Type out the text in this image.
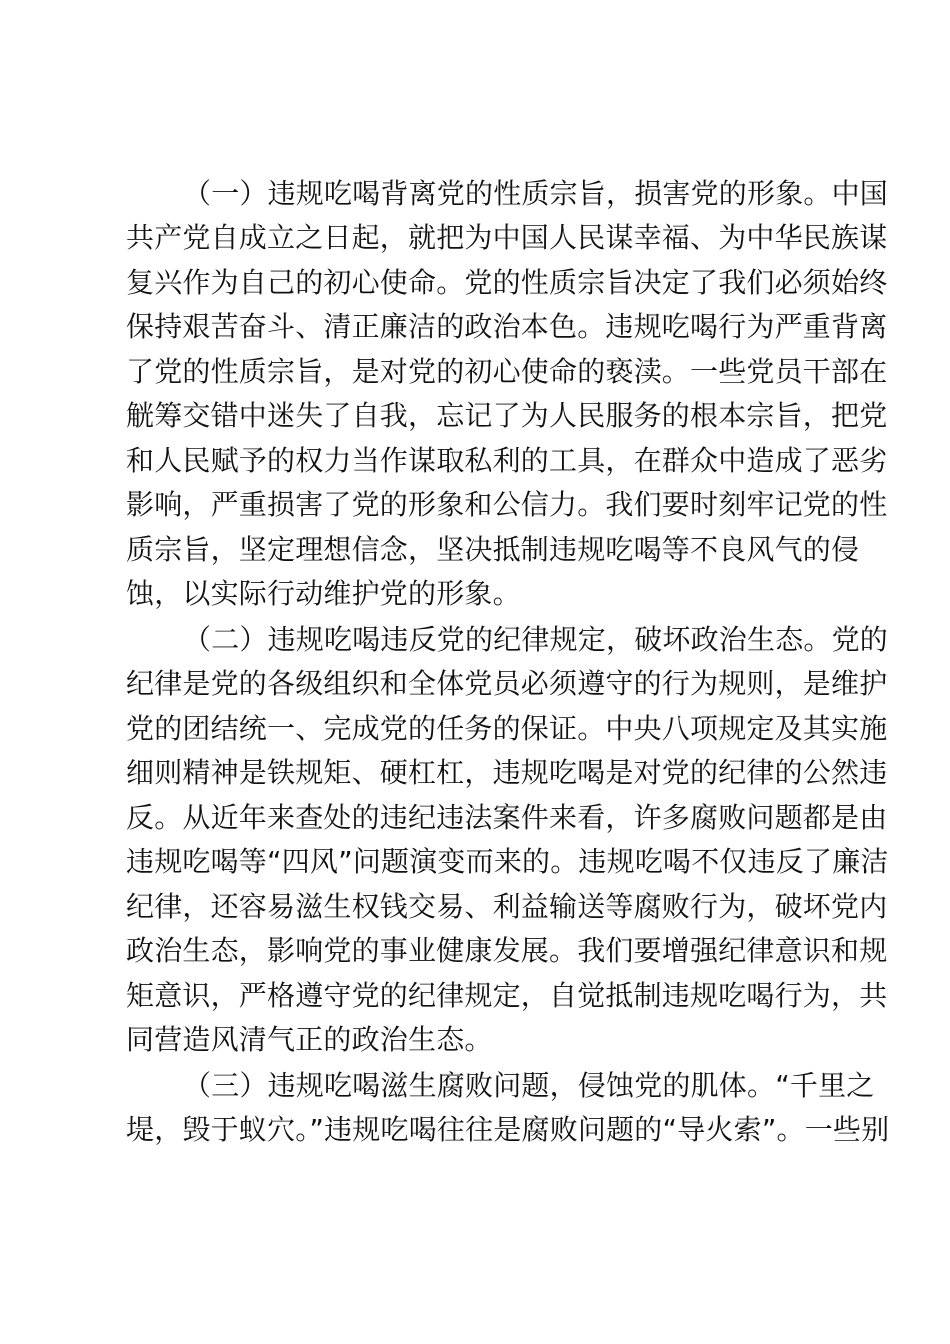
（一）违规吃喝背离党的性质宗旨，损害党的形象。中国
共产党自成立之日起，就把为中国人民谋幸福、为中华民族谋
复兴作为自己的初心使命。党的性质宗旨决定了我们必须始终
保持艰苦奋斗、清正廉洁的政治本色。违规吃喝行为严重背离
了党的性质宗旨，是对党的初心使命的亵渎。一些党员干部在
觥筹交错中迷失了自我，忘记了为人民服务的根本宗旨，把党
和人民赋予的权力当作谋取私利的工具，在群众中造成了恶劣
影响，严重损害了党的形象和公信力。我们要时刻牢记党的性
质宗旨，坚定理想信念，坚决抵制违规吃喝等不良风气的侵
蚀，以实际行动维护党的形象。
（二）违规吃喝违反党的纪律规定，破坏政治生态。党的
纪律是党的各级组织和全体党员必须遵守的行为规则，是维护
党的团结统一、完成党的任务的保证。中央八项规定及其实施
细则精神是铁规矩、硬杠杠，违规吃喝是对党的纪律的公然违
反。从近年来查处的违纪违法案件来看，许多腐败问题都是由
违规吃喝等“四风”问题演变而来的。违规吃喝不仅违反了廉洁
纪律，还容易滋生权钱交易、利益输送等腐败行为，破坏党内
政治生态，影响党的事业健康发展。我们要增强纪律意识和规
矩意识，严格遵守党的纪律规定，自觉抵制违规吃喝行为，共
同营造风清气正的政治生态。
（三）违规吃喝滋生腐败问题，侵蚀党的肌体。“千里之
堤，毁于蚁穴。”违规吃喝往往是腐败问题的“导火索”。一些别
